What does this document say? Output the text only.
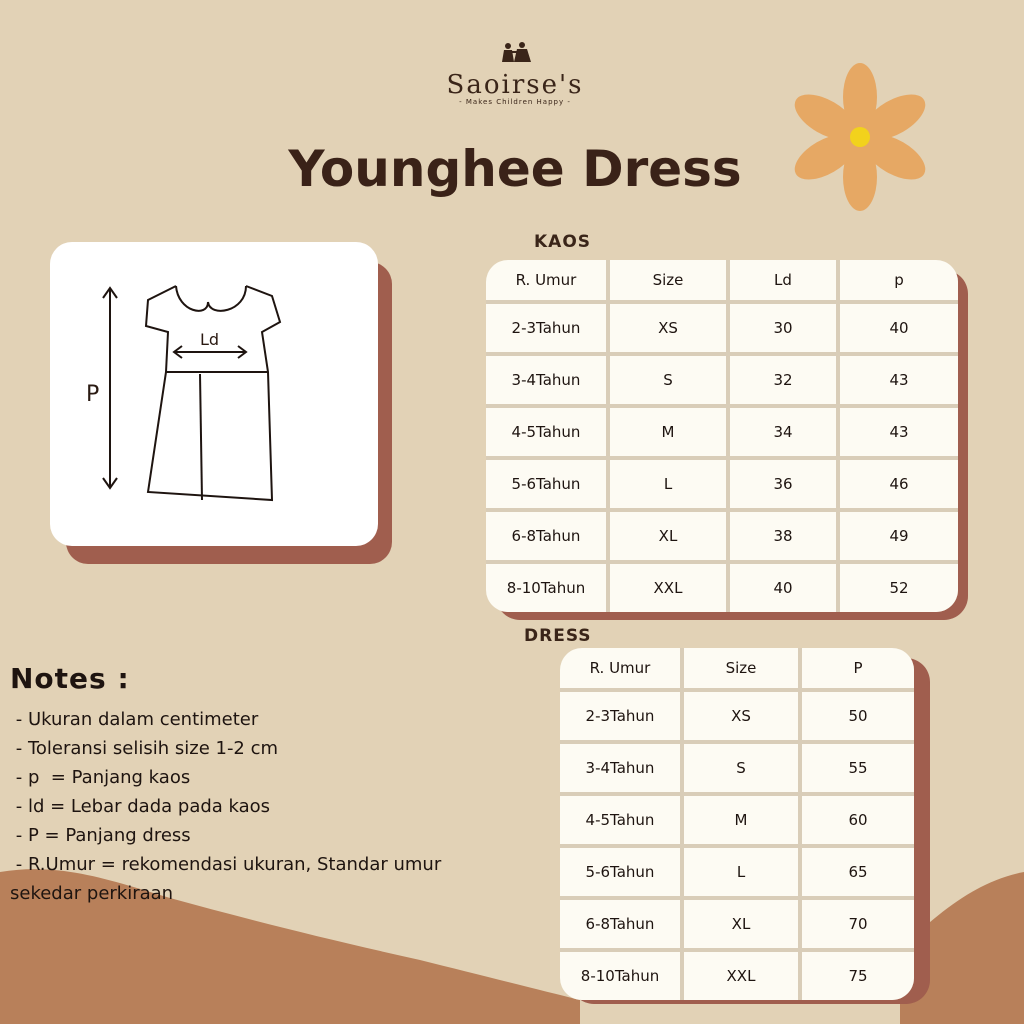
Saoirse's
- Makes Children Happy -
Younghee Dress
Ld
P
KAOS
R. Umur	Size	Ld	p
2-3Tahun	XS	30	40
3-4Tahun	S	32	43
4-5Tahun	M	34	43
5-6Tahun	L	36	46
6-8Tahun	XL	38	49
8-10Tahun	XXL	40	52
DRESS
R. Umur	Size	P
2-3Tahun	XS	50
3-4Tahun	S	55
4-5Tahun	M	60
5-6Tahun	L	65
6-8Tahun	XL	70
8-10Tahun	XXL	75
Notes :
- Ukuran dalam centimeter
- Toleransi selisih size 1-2 cm
- p  = Panjang kaos
- ld = Lebar dada pada kaos
- P = Panjang dress
- R.Umur = rekomendasi ukuran, Standar umur
sekedar perkiraan
